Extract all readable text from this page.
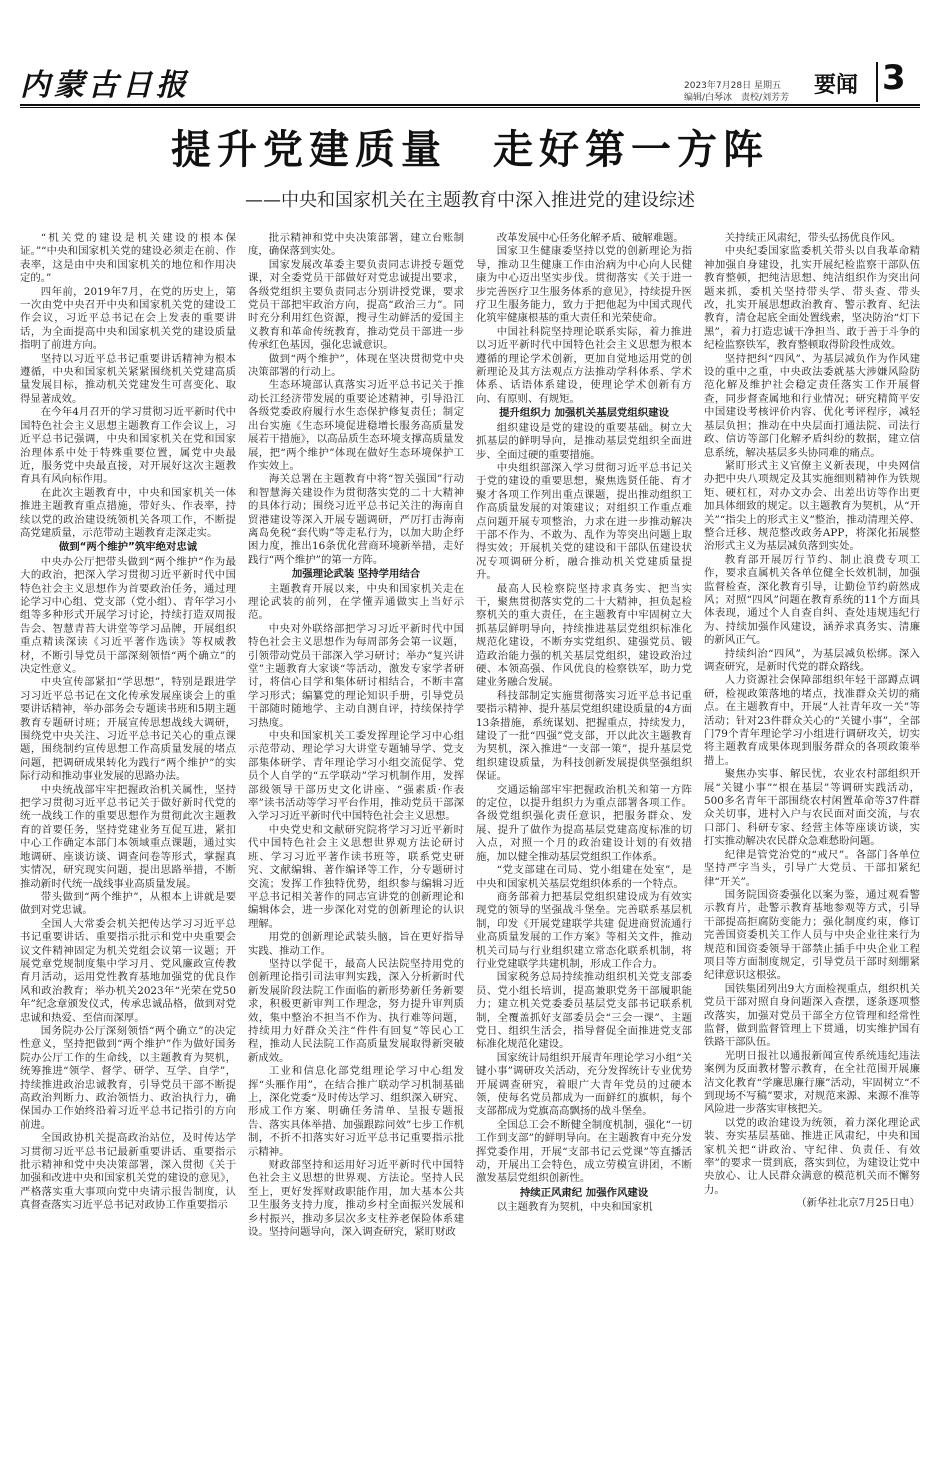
内蒙古日报	2023年7月28日 星期五
编辑/白琴冰　责校/刘芳芳 要闻 3
提升党建质量　走好第一方阵
——中央和国家机关在主题教育中深入推进党的建设综述

“机关党的建设是机关建设的根本保证。”“中央和国家机关党的建设必须走在前、作表率，这是由中央和国家机关的地位和作用决定的。”

四年前，2019年7月，在党的历史上，第一次由党中央召开中央和国家机关党的建设工作会议，习近平总书记在会上发表的重要讲话，为全面提高中央和国家机关党的建设质量指明了前进方向。

坚持以习近平总书记重要讲话精神为根本遵循，中央和国家机关紧紧围绕机关党建高质量发展目标，推动机关党建发生可喜变化、取得显著成效。

在今年4月召开的学习贯彻习近平新时代中国特色社会主义思想主题教育工作会议上，习近平总书记强调，中央和国家机关在党和国家治理体系中处于特殊重要位置，属党中央最近，服务党中央最直接，对开展好这次主题教育具有风向标作用。

在此次主题教育中，中央和国家机关一体推进主题教育重点措施，带好头、作表率，持续以党的政治建设统领机关各项工作，不断提高党建质量，示范带动主题教育走深走实。

做到“两个维护”筑牢绝对忠诚

中央办公厅把带头做到“两个维护”作为最大的政治，把深入学习贯彻习近平新时代中国特色社会主义思想作为首要政治任务，通过理论学习中心组、党支部（党小组）、青年学习小组等多种形式开展学习讨论，持续打造双周报告会、智慧青苔大讲堂等学习品牌，开展组织重点精读深读《习近平著作选读》等权威教材，不断引导党员干部深刻领悟“两个确立”的决定性意义。

中央宣传部紧扣“学思想”，特别是跟进学习习近平总书记在文化传承发展座谈会上的重要讲话精神，举办部务会专题读书班和5期主题教育专题研讨班；开展宣传思想战线大调研，围绕党中央关注、习近平总书记关心的重点课题，围绕制约宣传思想工作高质量发展的堵点问题，把调研成果转化为践行“两个维护”的实际行动和推动事业发展的思路办法。

中央统战部牢牢把握政治机关属性，坚持把学习贯彻习近平总书记关于做好新时代党的统一战线工作的重要思想作为贯彻此次主题教育的首要任务，坚持党建业务互促互进，紧扣中心工作确定本部门本领域重点课题，通过实地调研、座谈访谈、调查问卷等形式，掌握真实情况，研究现实问题，提出思路举措，不断推动新时代统一战线事业高质量发展。

带头做到“两个维护”，从根本上讲就是要做到对党忠诚。

全国人大常委会机关把传达学习习近平总书记重要讲话、重要指示批示和党中央重要会议文件精神固定为机关党组会议第一议题；开展党章党规制度集中学习月、党风廉政宣传教育月活动，运用党性教育基地加强党的优良作风和政治教育；举办机关2023年“光荣在党50年”纪念章颁发仪式，传承忠诚品格，做到对党忠诚和热爱、至信而深厚。

国务院办公厅深刻领悟“两个确立”的决定性意义，坚持把做到“两个维护”作为做好国务院办公厅工作的生命线，以主题教育为契机，统筹推进“领学、督学、研学、互学、自学”，持续推进政治忠诚教育，引导党员干部不断提高政治判断力、政治领悟力、政治执行力，确保国办工作始终沿着习近平总书记指引的方向前进。

全国政协机关提高政治站位，及时传达学习贯彻习近平总书记最新重要讲话、重要指示批示精神和党中央决策部署，深入贯彻《关于加强和改进中央和国家机关党的建设的意见》，严格落实重大事项向党中央请示报告制度，认真督查落实习近平总书记对政协工作重要指示

批示精神和党中央决策部署，建立台账制度，确保落到实处。

国家发展改革委主要负责同志讲授专题党课，对全委党员干部做好对党忠诚提出要求，各级党组织主要负责同志分别讲授党课，要求党员干部把牢政治方向，提高“政治三力”。同时充分利用红色资源，搜寻生动鲜活的爱国主义教育和革命传统教育，推动党员干部进一步传承红色基因，强化忠诚意识。

做到“两个维护”，体现在坚决贯彻党中央决策部署的行动上。

生态环境部认真落实习近平总书记关于推动长江经济带发展的重要论述精神，引导沿江各级党委政府履行水生态保护修复责任；制定出台实施《生态环境促进稳增长服务高质量发展若干措施》，以高品质生态环境支撑高质量发展，把“两个维护”体现在做好生态环境保护工作实效上。

海关总署在主题教育中将“智关强国”行动和智慧海关建设作为贯彻落实党的二十大精神的具体行动；围绕习近平总书记关注的海南自贸港建设等深入开展专题调研，严厉打击海南离岛免税“套代购”等走私行为，以加大助企纾困力度，推出16条优化营商环境新举措，走好践行“两个维护”的第一方阵。

加强理论武装 坚持学用结合

主题教育开展以来，中央和国家机关走在理论武装的前列，在学懂弄通做实上当好示范。

中央对外联络部把学习习近平新时代中国特色社会主义思想作为每周部务会第一议题，引领带动党员干部深入学习研讨；举办“复兴讲堂”主题教育大家谈“等活动，激发专家学者研讨，将信心目学和集体研讨相结合，不断丰富学习形式；编纂党的理论知识手册，引导党员干部随时随地学、主动自测自评，持续保持学习热度。

中央和国家机关工委发挥理论学习中心组示范带动、理论学习大讲堂专题辅导学、党支部集体研学、青年理论学习小组交流促学、党员个人自学的“五学联动”学习机制作用，发挥部级领导干部历史文化讲座、“强素质·作表率”读书活动等学习平台作用，推动党员干部深入学习习近平新时代中国特色社会主义思想。

中央党史和文献研究院将学习习近平新时代中国特色社会主义思想世界观方法论研讨班、学习习近平著作读书班等，联系党史研究、文献编辑、著作编译等工作，分专题研讨交流；发挥工作独特优势，组织参与编辑习近平总书记相关著作的同志宣讲党的创新理论和编辑体会，进一步深化对党的创新理论的认识理解。

用党的创新理论武装头脑，旨在更好指导实践、推动工作。

坚持以学促干，最高人民法院坚持用党的创新理论指引司法审判实践，深入分析新时代新发展阶段法院工作面临的新形势新任务新要求，积极更新审判工作理念，努力提升审判质效，集中整治不担当不作为、执行难等问题，持续用力好群众关注“件件有回复”等民心工程，推动人民法院工作高质量发展取得新突破新成效。

工业和信息化部党组理论学习中心组发挥“头雁作用”，在结合推广联动学习机制基础上，深化党委“及时传达学习、组织深入研究、形成工作方案、明确任务清单、呈报专题报告、落实具体举措、加强跟踪问效”七步工作机制，不折不扣落实好习近平总书记重要指示批示精神。

财政部坚持和运用好习近平新时代中国特色社会主义思想的世界观、方法论。坚持人民至上，更好发挥财政职能作用，加大基本公共卫生服务支持力度，推动乡村全面振兴发展和乡村振兴，推动多层次多支柱养老保险体系建设。坚持问题导向，深入调查研究，紧盯财政

改革发展中心任务化解矛盾、破解难题。

国家卫生健康委坚持以党的创新理论为指导，推动卫生健康工作由治病为中心向人民健康为中心迈出坚实步伐。贯彻落实《关于进一步完善医疗卫生服务体系的意见》，持续提升医疗卫生服务能力，致力于把他起为中国式现代化筑牢健康根基的重大责任和光荣使命。

中国社科院坚持理论联系实际，着力推进以习近平新时代中国特色社会主义思想为根本遵循的理论学术创新，更加自觉地运用党的创新理论及其方法观点方法推动学科体系、学术体系、话语体系建设，使理论学术创新有方向、有原则、有规矩。

提升组织力 加强机关基层党组织建设

组织建设是党的建设的重要基础。树立大抓基层的鲜明导向，是推动基层党组织全面进步、全面过硬的重要措施。

中央组织部深入学习贯彻习近平总书记关于党的建设的重要思想，聚焦选贤任能、育才聚才各项工作列出重点课题，提出推动组织工作高质量发展的对策建议；对组织工作重点难点问题开展专项整治，力求在进一步推动解决干部不作为、不敢为、乱作为等突出问题上取得实效；开展机关党的建设和干部队伍建设状况专项调研分析，融合推动机关党建质量提升。

最高人民检察院坚持求真务实、把当实干，聚焦贯彻落实党的二十大精神，担负起检察机关的重大责任，在主题教育中牢固树立大抓基层鲜明导向，持续推进基层党组织标准化规范化建设，不断夯实党组织、建强党员、锻造政治能力强的机关基层党组织，建设政治过硬、本领高强、作风优良的检察铁军，助力党建业务融合发展。

科技部制定实施贯彻落实习近平总书记重要指示精神、提升基层党组织建设质量的4方面13条措施，系统谋划、把握重点，持续发力，建设了一批“四强”党支部，开以此次主题教育为契机，深入推进“一支部一策”，提升基层党组织建设质量，为科技创新发展提供坚强组织保证。

交通运输部牢牢把握政治机关和第一方阵的定位，以提升组织力为重点部署各项工作。各级党组织强化责任意识，把服务群众、发展、提升了做作为提高基层党建高度标准的切入点，对照一个月的政治建设计划的有效措施，加以健全推动基层党组织工作体系。

“党支部建在司局、党小组建在处室”，是中央和国家机关基层党组织体系的一个特点。

商务部着力把基层党组织建设成为有效实现党的领导的坚强战斗堡垒。完善联系基层机制，印发《开展党建联学共建 促进商贸流通行业高质量发展的工作方案》等相关文件，推动机关司局与行业组织建立常态化联系机制，将行业党建联学共建机制，形成工作合力。

国家税务总局持续推动组织机关党支部委员、党小组长培训，提高兼职党务干部履职能力；建立机关党委委员基层党支部书记联系机制，全覆盖抓好支部委员会“三会一课”、主题党日、组织生活会，指导督促全面推进党支部标准化规范化建设。

国家统计局组织开展青年理论学习小组“关键小事”调研攻关活动，充分发挥统计专业优势开展调查研究，着眼广大青年党员的过硬本领，使每名党员都成为一面鲜红的旗帜，每个支部都成为党旗高高飘扬的战斗堡垒。

全国总工会不断健全制度机制，强化“一切工作到支部”的鲜明导向。在主题教育中充分发挥党委作用，开展“支部书记云党课”等直播活动，开展出工会特色，成立劳模宣讲团，不断激发基层党组织创新性。

持续正风肃纪 加强作风建设

以主题教育为契机，中央和国家机

关持续正风肃纪，带头弘扬优良作风。

中央纪委国家监委机关带头以自我革命精神加强自身建设，扎实开展纪检监察干部队伍教育整顿，把纯洁思想、纯洁组织作为突出问题来抓，委机关坚持带头学、带头查、带头改，扎实开展思想政治教育、警示教育、纪法教育，清仓起底全面处置线索，坚决防治“灯下黑”，着力打造忠诚干净担当、敢于善于斗争的纪检监察铁军，教育整顿取得阶段性成效。

坚持把纠“四风”、为基层减负作为作风建设的重中之重，中央政法委就基大涉嫌风险防范化解及维护社会稳定责任落实工作开展督查，同步督查属地和行业情况；研究精简平安中国建设考核评价内容、优化考评程序，减轻基层负担；推动在中央层面打通法院、司法行政、信访等部门化解矛盾纠纷的数据，建立信息系统，解决基层多头协同难的痛点。

紧盯形式主义官僚主义新表现，中央网信办把中央八项规定及其实施细则精神作为铁规矩、硬杠杠，对办文办会、出差出访等作出更加具体细致的规定。以主题教育为契机，从“开关”“指尖上的形式主义”整治，推动清理关停、整合迁移、规范整改政务APP，将深化拓展整治形式主义为基层减负落到实处。

教育部开展厉行节约、制止浪费专项工作，要求直属机关各单位健全长效机制，加强监督检查，深化教育引导，让勤俭节约蔚然成风；对照“四风”问题在教育系统的11个方面具体表现，通过个人自查自纠、查处违规违纪行为、持续加强作风建设，涵养求真务实、清廉的新风正气。

持续纠治“四风”，为基层减负松绑。深入调查研究，是新时代党的群众路线。

人力资源社会保障部组织年轻干部蹲点调研，检视政策落地的堵点，找准群众关切的痛点。在主题教育中，开展“人社青年攻一关”等活动；针对23件群众关心的“关键小事”，全部门79个青年理论学习小组进行调研攻关，切实将主题教育成果体现到服务群众的各项政策举措上。

聚焦办实事、解民忧，农业农村部组织开展“关键小事”“根在基层”等调研实践活动，500多名青年干部围绕农村闲置革命等37件群众关切事，进村入户与农民面对面交流，与农口部门、科研专家、经营主体等座谈访谈，实打实推动解决农民群众急难愁盼问题。

纪律是管党治党的“戒尺”。各部门各单位坚持严字当头，引导广大党员、干部扣紧纪律“开关”。

国务院国资委强化以案为鉴，通过观看警示教育片，赴警示教育基地参观等方式，引导干部提高拒腐防变能力；强化制度约束，修订完善国资委机关工作人员与中央企业往来行为规范和国资委领导干部禁止插手中央企业工程项目等方面制度规定，引导党员干部时刻绷紧纪律意识这根弦。

国铁集团列出9大方面检视重点，组织机关党员干部对照自身问题深入查摆，逐条逐项整改落实，加强对党员干部全方位管理和经常性监督，做到监督管理上下贯通，切实维护国有铁路干部队伍。

光明日报社以通报新闻宣传系统违纪违法案例为反面教材警示教育，在全社范围开展廉洁文化教育“学廉思廉行廉”活动，牢固树立“不到现场不写稿”要求，对规范来源、来源不准等风险进一步落实审核把关。

以党的政治建设为统领，着力深化理论武装、夯实基层基础、推进正风肃纪，中央和国家机关把“讲政治、守纪律、负责任、有效率”的要求一贯到底，落实到位，为建设让党中央放心、让人民群众满意的模范机关而不懈努力。

（新华社北京7月25日电）
